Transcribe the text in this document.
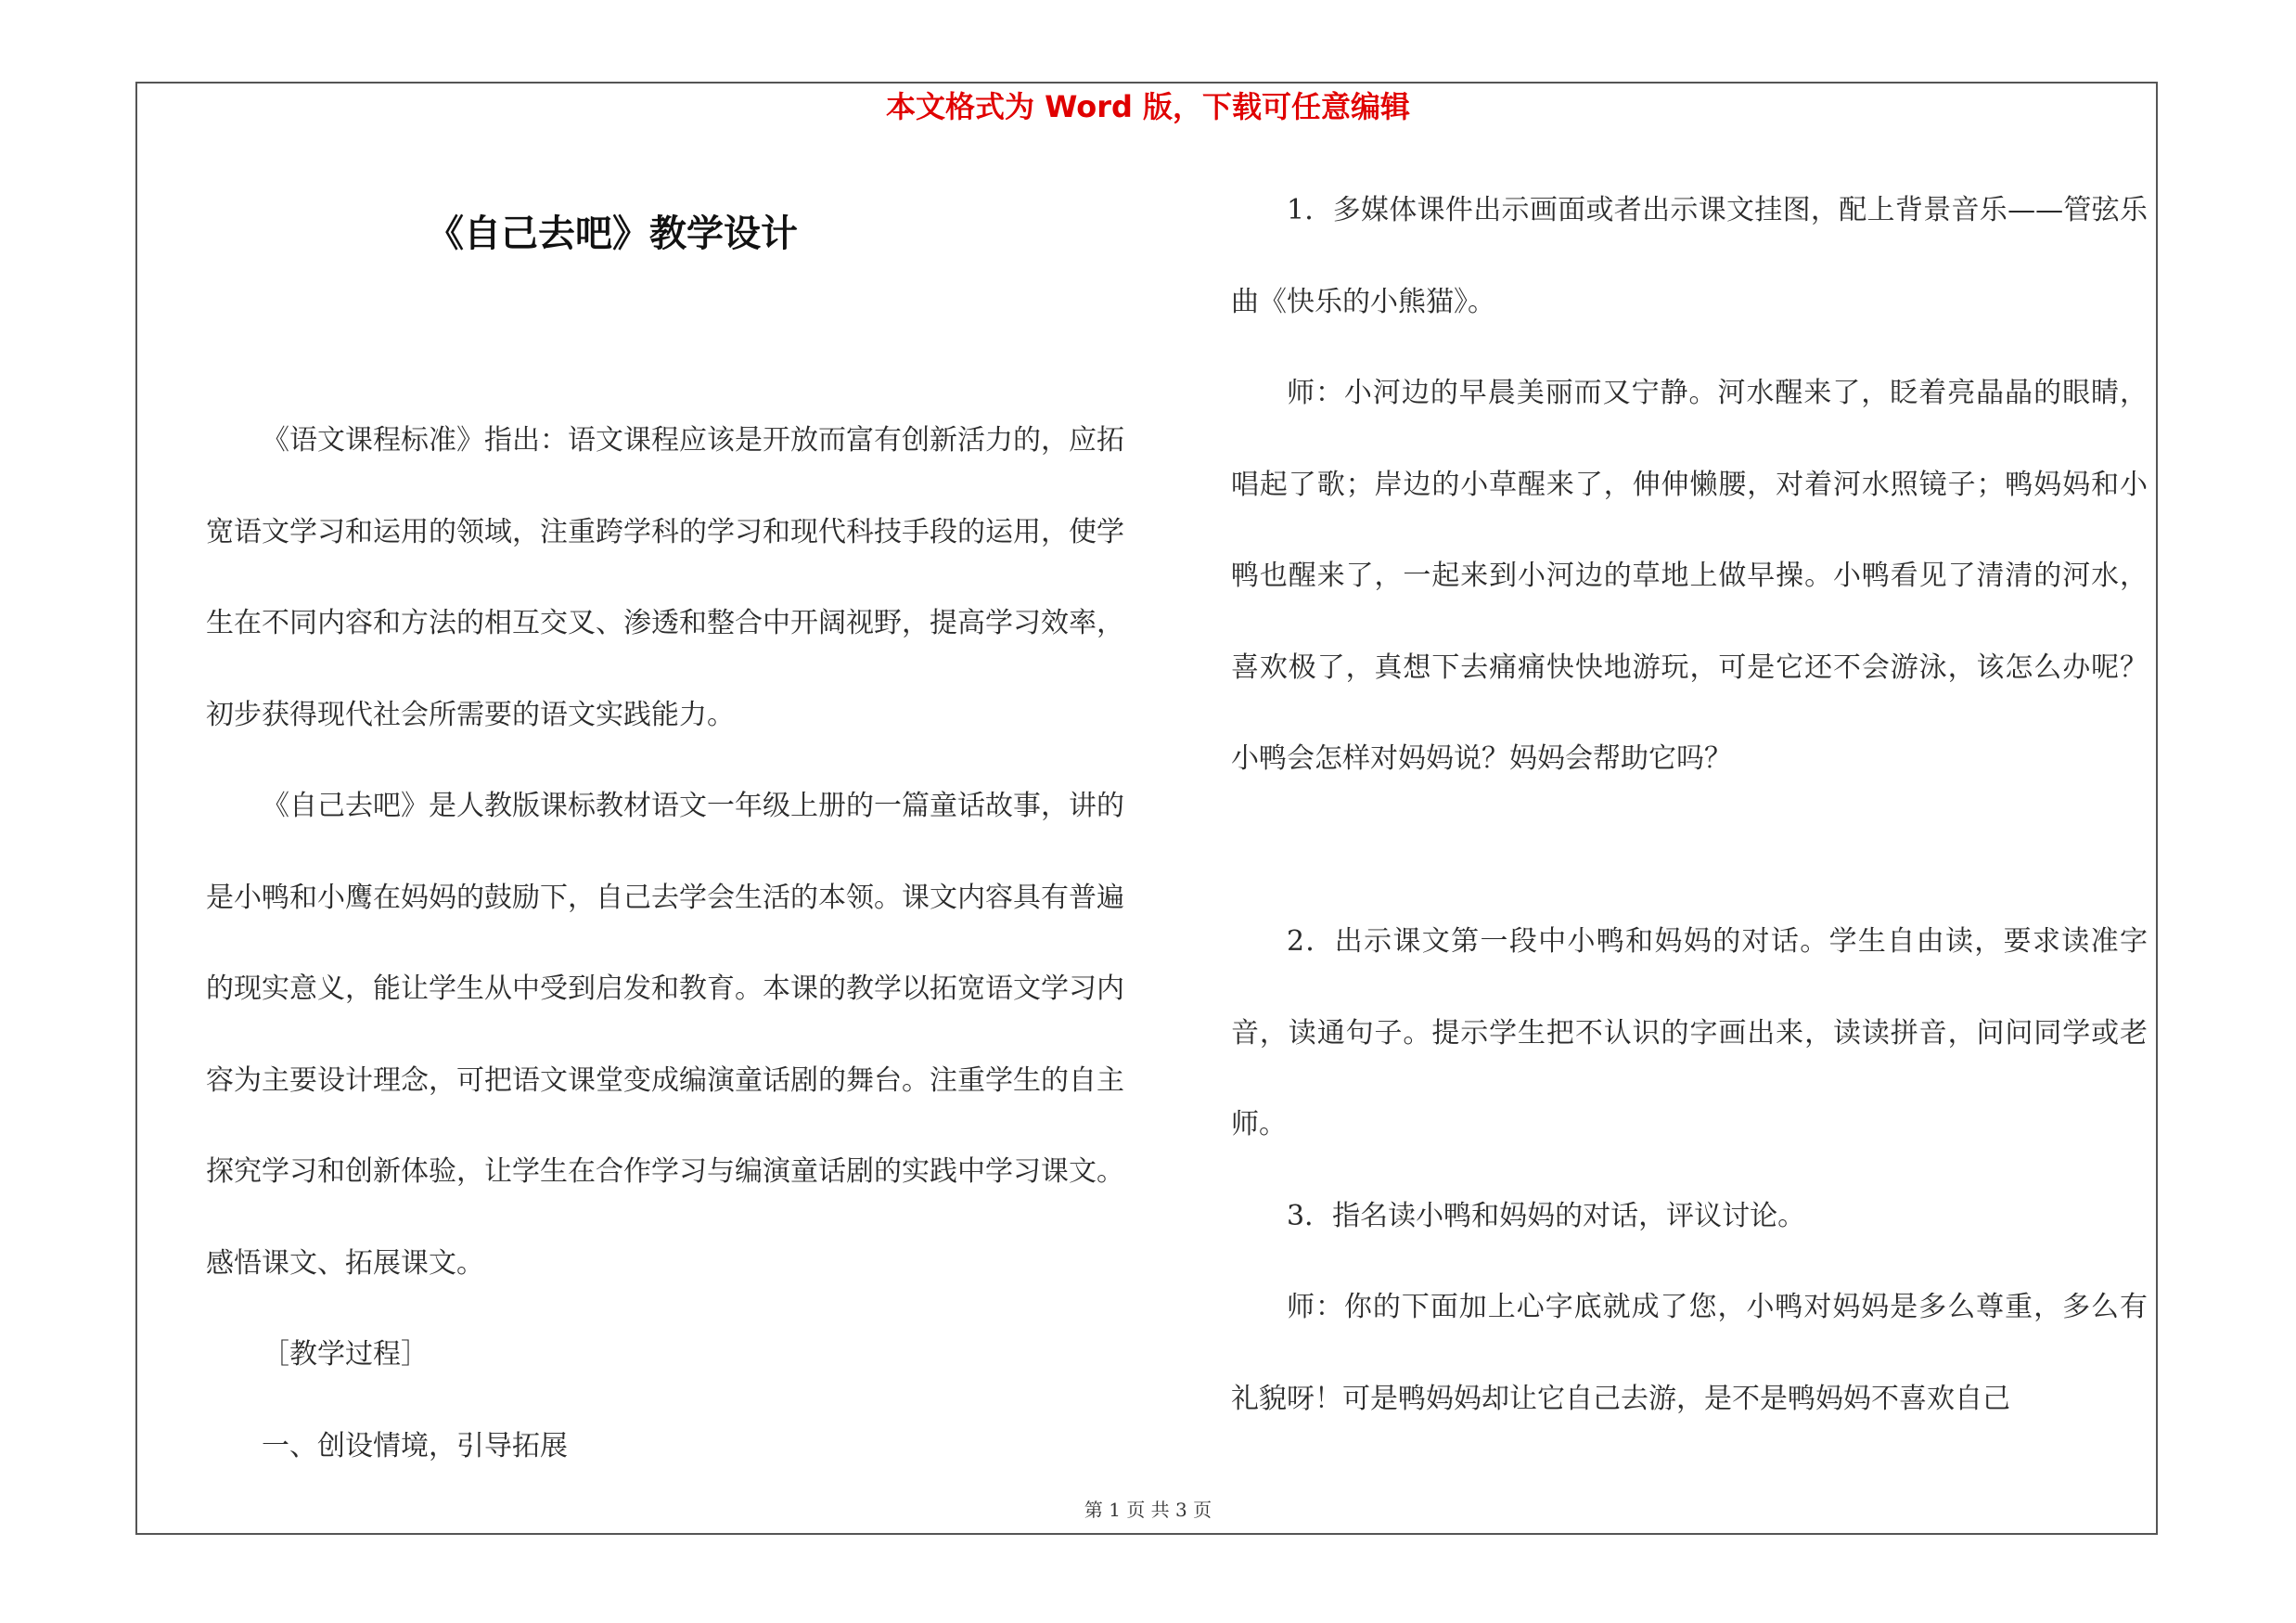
本文格式为 Word 版，下载可任意编辑
《自己去吧》教学设计

《语文课程标准》指出：语文课程应该是开放而富有创新活力的，应拓宽语文学习和运用的领域，注重跨学科的学习和现代科技手段的运用，使学生在不同内容和方法的相互交叉、渗透和整合中开阔视野，提高学习效率，初步获得现代社会所需要的语文实践能力。

《自己去吧》是人教版课标教材语文一年级上册的一篇童话故事，讲的是小鸭和小鹰在妈妈的鼓励下，自己去学会生活的本领。课文内容具有普遍的现实意义，能让学生从中受到启发和教育。本课的教学以拓宽语文学习内容为主要设计理念，可把语文课堂变成编演童话剧的舞台。注重学生的自主探究学习和创新体验，让学生在合作学习与编演童话剧的实践中学习课文。感悟课文、拓展课文。

［教学过程］

一、创设情境，引导拓展

1．多媒体课件出示画面或者出示课文挂图，配上背景音乐——管弦乐曲《快乐的小熊猫》。

师：小河边的早晨美丽而又宁静。河水醒来了，眨着亮晶晶的眼睛，唱起了歌；岸边的小草醒来了，伸伸懒腰，对着河水照镜子；鸭妈妈和小鸭也醒来了，一起来到小河边的草地上做早操。小鸭看见了清清的河水，喜欢极了，真想下去痛痛快快地游玩，可是它还不会游泳，该怎么办呢？小鸭会怎样对妈妈说？妈妈会帮助它吗？

2．出示课文第一段中小鸭和妈妈的对话。学生自由读，要求读准字音，读通句子。提示学生把不认识的字画出来，读读拼音，问问同学或老师。

3．指名读小鸭和妈妈的对话，评议讨论。

师：你的下面加上心字底就成了您，小鸭对妈妈是多么尊重，多么有礼貌呀！可是鸭妈妈却让它自己去游，是不是鸭妈妈不喜欢自己

第 1 页 共 3 页
